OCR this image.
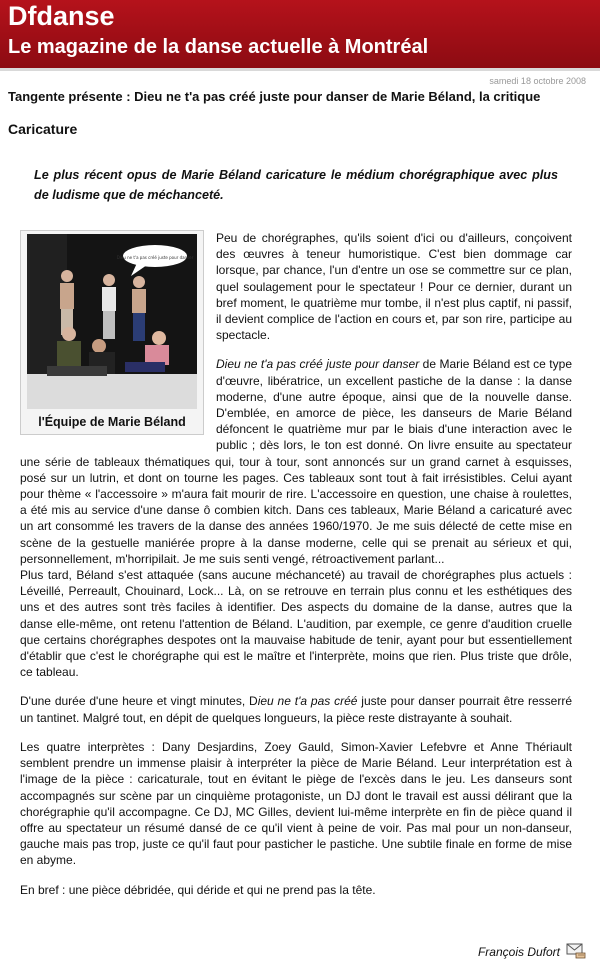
Dfdanse
Le magazine de la danse actuelle à Montréal
samedi 18 octobre 2008
Tangente présente : Dieu ne t'a pas créé juste pour danser de Marie Béland, la critique
Caricature
Le plus récent opus de Marie Béland caricature le médium chorégraphique avec plus de ludisme que de méchanceté.
Dieu ne t'a pas créé juste pour danser
l'Équipe de Marie Béland

Peu de chorégraphes, qu'ils soient d'ici ou d'ailleurs, conçoivent des œuvres à teneur humoristique. C'est bien dommage car lorsque, par chance, l'un d'entre un ose se commettre sur ce plan, quel soulagement pour le spectateur ! Pour ce dernier, durant un bref moment, le quatrième mur tombe, il n'est plus captif, ni passif, il devient complice de l'action en cours et, par son rire, participe au spectacle.

Dieu ne t'a pas créé juste pour danser de Marie Béland est ce type d'œuvre, libératrice, un excellent pastiche de la danse : la danse moderne, d'une autre époque, ainsi que de la nouvelle danse. D'emblée, en amorce de pièce, les danseurs de Marie Béland défoncent le quatrième mur par le biais d'une interaction avec le public ; dès lors, le ton est donné. On livre ensuite au spectateur une série de tableaux thématiques qui, tour à tour, sont annoncés sur un grand carnet à esquisses, posé sur un lutrin, et dont on tourne les pages. Ces tableaux sont tout à fait irrésistibles. Celui ayant pour thème « l'accessoire » m'aura fait mourir de rire. L'accessoire en question, une chaise à roulettes, a été mis au service d'une danse ô combien kitch. Dans ces tableaux, Marie Béland a caricaturé avec un art consommé les travers de la danse des années 1960/1970. Je me suis délecté de cette mise en scène de la gestuelle maniérée propre à la danse moderne, celle qui se prenait au sérieux et qui, personnellement, m'horripilait. Je me suis senti vengé, rétroactivement parlant...

Plus tard, Béland s'est attaquée (sans aucune méchanceté) au travail de chorégraphes plus actuels : Léveillé, Perreault, Chouinard, Lock... Là, on se retrouve en terrain plus connu et les esthétiques des uns et des autres sont très faciles à identifier. Des aspects du domaine de la danse, autres que la danse elle-même, ont retenu l'attention de Béland. L'audition, par exemple, ce genre d'audition cruelle que certains chorégraphes despotes ont la mauvaise habitude de tenir, ayant pour but essentiellement d'établir que c'est le chorégraphe qui est le maître et l'interprète, moins que rien. Plus triste que drôle, ce tableau.

D'une durée d'une heure et vingt minutes, Dieu ne t'a pas créé juste pour danser pourrait être resserré un tantinet. Malgré tout, en dépit de quelques longueurs, la pièce reste distrayante à souhait.

Les quatre interprètes : Dany Desjardins, Zoey Gauld, Simon-Xavier Lefebvre et Anne Thériault semblent prendre un immense plaisir à interpréter la pièce de Marie Béland. Leur interprétation est à l'image de la pièce : caricaturale, tout en évitant le piège de l'excès dans le jeu. Les danseurs sont accompagnés sur scène par un cinquième protagoniste, un DJ dont le travail est aussi délirant que la chorégraphie qu'il accompagne. Ce DJ, MC Gilles, devient lui-même interprète en fin de pièce quand il offre au spectateur un résumé dansé de ce qu'il vient à peine de voir. Pas mal pour un non-danseur, gauche mais pas trop, juste ce qu'il faut pour pasticher le pastiche. Une subtile finale en forme de mise en abyme.

En bref : une pièce débridée, qui déride et qui ne prend pas la tête.

François Dufort
